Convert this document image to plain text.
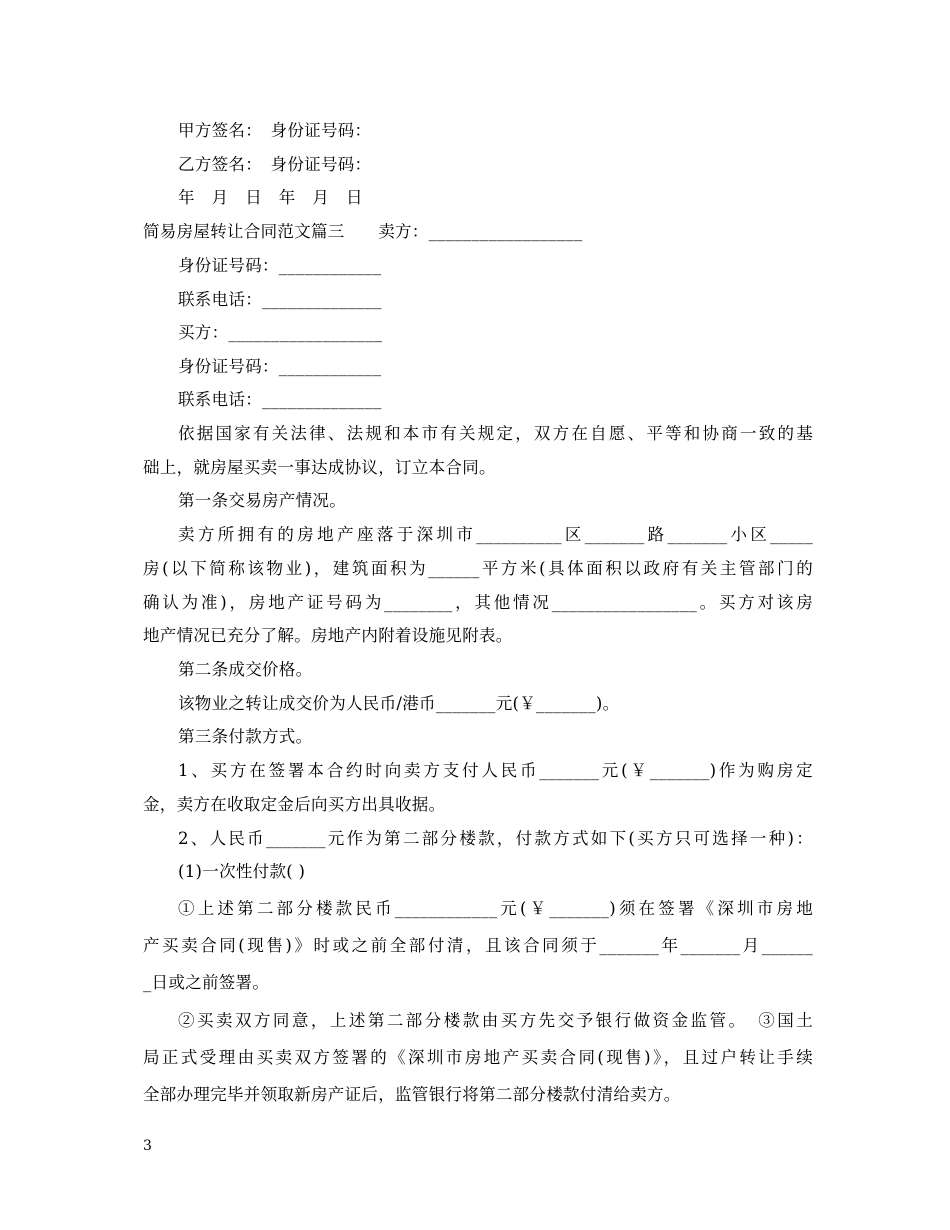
甲方签名：　身份证号码：
乙方签名：　身份证号码：
年　月　日　年　月　日
简易房屋转让合同范文篇三　　卖方：__________________
身份证号码：____________
联系电话：______________
买方：__________________
身份证号码：____________
联系电话：______________
依据国家有关法律、法规和本市有关规定，双方在自愿、平等和协商一致的基
础上，就房屋买卖一事达成协议，订立本合同。
第一条交易房产情况。
卖方所拥有的房地产座落于深圳市__________区_______路_______小区_____
房(以下简称该物业)，建筑面积为______平方米(具体面积以政府有关主管部门的
确认为准)，房地产证号码为________，其他情况_________________。买方对该房
地产情况已充分了解。房地产内附着设施见附表。
第二条成交价格。
该物业之转让成交价为人民币/港币_______元(￥_______)。
第三条付款方式。
1、买方在签署本合约时向卖方支付人民币_______元(￥_______)作为购房定
金，卖方在收取定金后向买方出具收据。
2、人民币_______元作为第二部分楼款，付款方式如下(买方只可选择一种)：
(1)一次性付款( )
①上述第二部分楼款民币____________元(￥_______)须在签署《深圳市房地
产买卖合同(现售)》时或之前全部付清，且该合同须于_______年_______月______
_日或之前签署。
②买卖双方同意，上述第二部分楼款由买方先交予银行做资金监管。　③国土
局正式受理由买卖双方签署的《深圳市房地产买卖合同(现售)》，且过户转让手续
全部办理完毕并领取新房产证后，监管银行将第二部分楼款付清给卖方。
3
